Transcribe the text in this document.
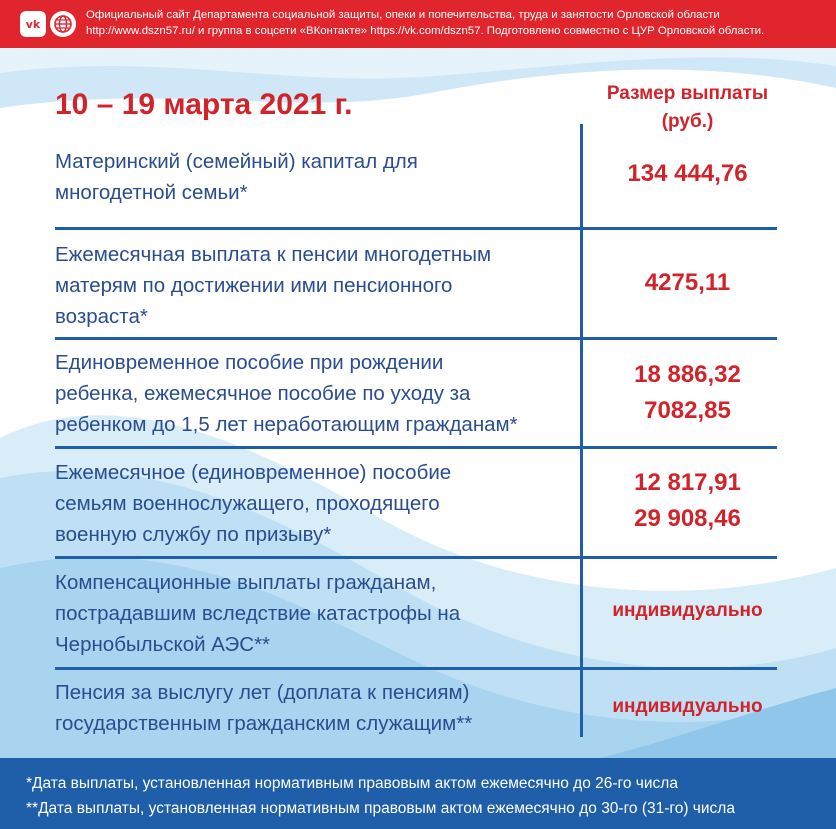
vk
Официальный сайт Департамента социальной защиты, опеки и попечительства, труда и занятости Орловской области
http://www.dszn57.ru/ и группа в соцсети «ВКонтакте» https://vk.com/dszn57. Подготовлено совместно с ЦУР Орловской области.
10 – 19 марта 2021 г.	Размер выплаты
(руб.)
Материнский (семейный) капитал для
многодетной семьи*
134 444,76
Ежемесячная выплата к пенсии многодетным
матерям по достижении ими пенсионного
возраста*
4275,11
Единовременное пособие при рождении
ребенка, ежемесячное пособие по уходу за
ребенком до 1,5 лет неработающим гражданам*
18 886,32
7082,85
Ежемесячное (единовременное) пособие
семьям военнослужащего, проходящего
военную службу по призыву*
12 817,91
29 908,46
Компенсационные выплаты гражданам,
пострадавшим вследствие катастрофы на
Чернобыльской АЭС**
индивидуально
Пенсия за выслугу лет (доплата к пенсиям)
государственным гражданским служащим**
индивидуально
*Дата выплаты, установленная нормативным правовым актом ежемесячно до 26-го числа
**Дата выплаты, установленная нормативным правовым актом ежемесячно до 30-го (31-го) числа
